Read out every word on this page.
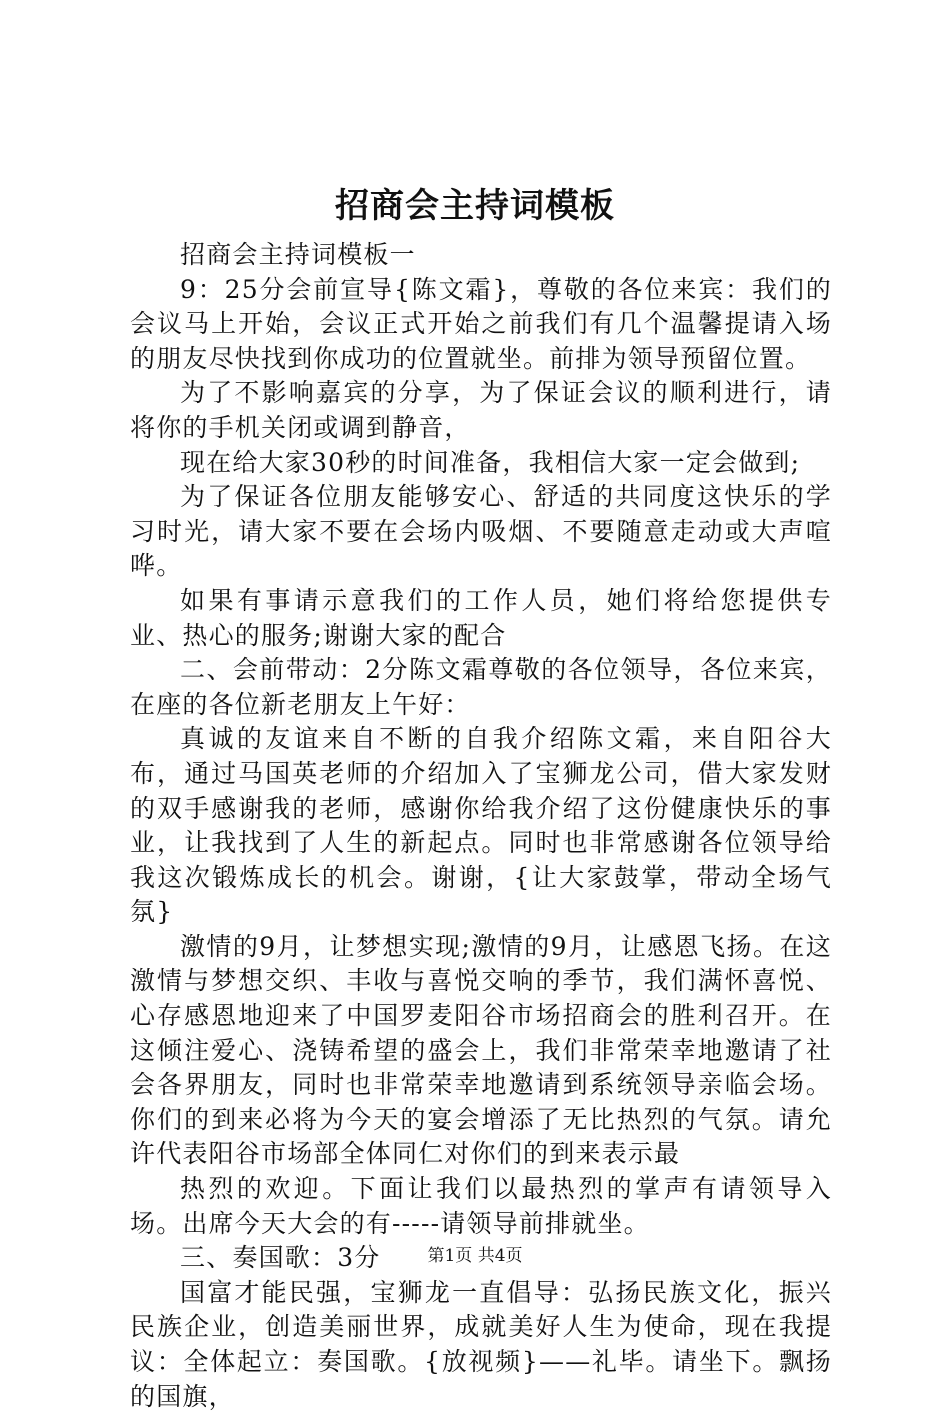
招商会主持词模板

招商会主持词模板一

9：25分会前宣导{陈文霜}，尊敬的各位来宾：我们的会议马上开始，会议正式开始之前我们有几个温馨提请入场的朋友尽快找到你成功的位置就坐。前排为领导预留位置。

为了不影响嘉宾的分享，为了保证会议的顺利进行，请将你的手机关闭或调到静音，

现在给大家30秒的时间准备，我相信大家一定会做到;

为了保证各位朋友能够安心、舒适的共同度这快乐的学习时光，请大家不要在会场内吸烟、不要随意走动或大声喧哗。

如果有事请示意我们的工作人员，她们将给您提供专业、热心的服务;谢谢大家的配合

二、会前带动：2分陈文霜尊敬的各位领导，各位来宾，在座的各位新老朋友上午好：

真诚的友谊来自不断的自我介绍陈文霜，来自阳谷大布，通过马国英老师的介绍加入了宝狮龙公司，借大家发财的双手感谢我的老师，感谢你给我介绍了这份健康快乐的事业，让我找到了人生的新起点。同时也非常感谢各位领导给我这次锻炼成长的机会。谢谢，{让大家鼓掌，带动全场气氛}

激情的9月，让梦想实现;激情的9月，让感恩飞扬。在这激情与梦想交织、丰收与喜悦交响的季节，我们满怀喜悦、心存感恩地迎来了中国罗麦阳谷市场招商会的胜利召开。在这倾注爱心、浇铸希望的盛会上，我们非常荣幸地邀请了社会各界朋友，同时也非常荣幸地邀请到系统领导亲临会场。你们的到来必将为今天的宴会增添了无比热烈的气氛。请允许代表阳谷市场部全体同仁对你们的到来表示最

热烈的欢迎。下面让我们以最热烈的掌声有请领导入场。出席今天大会的有-----请领导前排就坐。

三、奏国歌：3分

国富才能民强，宝狮龙一直倡导：弘扬民族文化，振兴民族企业，创造美丽世界，成就美好人生为使命，现在我提议：全体起立：奏国歌。{放视频}——礼毕。请坐下。飘扬的国旗，

第1页 共4页
